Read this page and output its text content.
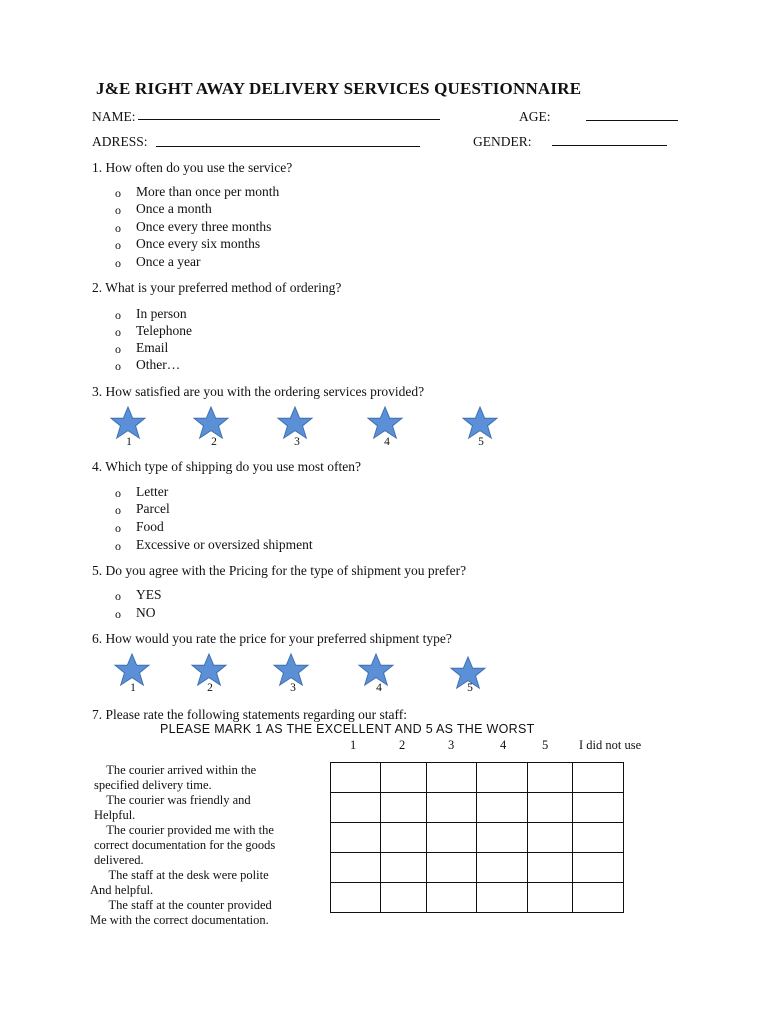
J&E RIGHT AWAY DELIVERY SERVICES QUESTIONNAIRE
NAME:	AGE:
ADRESS:	GENDER:
1. How often do you use the service?
o More than once per month
o Once a month
o Once every three months
o Once every six months
o Once a year
2. What is your preferred method of ordering?
o In person
o Telephone
o Email
o Other…
3. How satisfied are you with the ordering services provided?
1	2	3	4	5
4. Which type of shipping do you use most often?
o Letter
o Parcel
o Food
o Excessive or oversized shipment
5. Do you agree with the Pricing for the type of shipment you prefer?
o YES
o NO
6. How would you rate the price for your preferred shipment type?
1	2	3	4	5
7. Please rate the following statements regarding our staff:
PLEASE MARK 1 AS THE EXCELLENT AND 5 AS THE WORST
1	2	3	4	5 I did not use
The courier arrived within the
specified delivery time.
The courier was friendly and
Helpful.
The courier provided me with the
correct documentation for the goods
delivered.
The staff at the desk were polite
And helpful.
The staff at the counter provided
Me with the correct documentation.
